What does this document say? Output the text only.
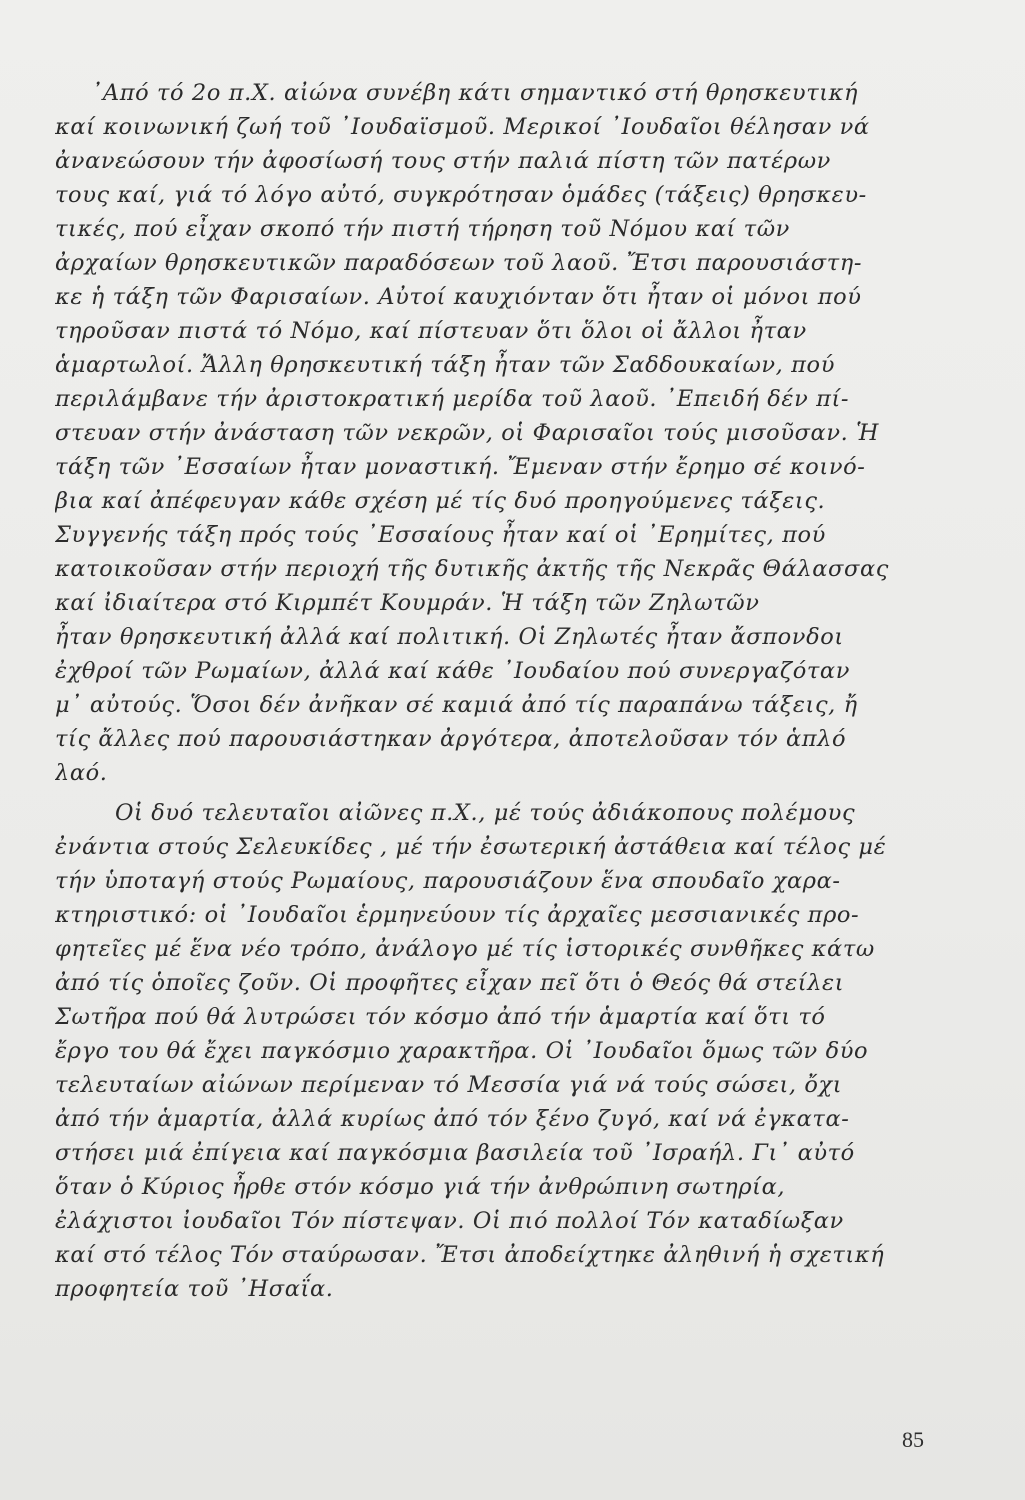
᾿Από τό 2ο π.Χ. αἰώνα συνέβη κάτι σημαντικό στή θρησκευτική
καί κοινωνική ζωή τοῦ ᾿Ιουδαϊσμοῦ. Μερικοί ᾿Ιουδαῖοι θέλησαν νά
ἀνανεώσουν τήν ἀφοσίωσή τους στήν παλιά πίστη τῶν πατέρων
τους καί, γιά τό λόγο αὐτό, συγκρότησαν ὁμάδες (τάξεις) θρησκευ-
τικές, πού εἶχαν σκοπό τήν πιστή τήρηση τοῦ Νόμου καί τῶν
ἀρχαίων θρησκευτικῶν παραδόσεων τοῦ λαοῦ. Ἔτσι παρουσιάστη-
κε ἡ τάξη τῶν Φαρισαίων. Αὐτοί καυχιόνταν ὅτι ἦταν οἱ μόνοι πού
τηροῦσαν πιστά τό Νόμο, καί πίστευαν ὅτι ὅλοι οἱ ἄλλοι ἦταν
ἁμαρτωλοί. Ἄλλη θρησκευτική τάξη ἦταν τῶν Σαδδουκαίων, πού
περιλάμβανε τήν ἀριστοκρατική μερίδα τοῦ λαοῦ. ᾿Επειδή δέν πί-
στευαν στήν ἀνάσταση τῶν νεκρῶν, οἱ Φαρισαῖοι τούς μισοῦσαν. Ἡ
τάξη τῶν ᾿Εσσαίων ἦταν μοναστική. Ἔμεναν στήν ἔρημο σέ κοινό-
βια καί ἀπέφευγαν κάθε σχέση μέ τίς δυό προηγούμενες τάξεις.
Συγγενής τάξη πρός τούς ᾿Εσσαίους ἦταν καί οἱ ᾿Ερημίτες, πού
κατοικοῦσαν στήν περιοχή τῆς δυτικῆς ἀκτῆς τῆς Νεκρᾶς Θάλασσας
καί ἰδιαίτερα στό Κιρμπέτ Κουμράν. Ἡ τάξη τῶν Ζηλωτῶν
ἦταν θρησκευτική ἀλλά καί πολιτική. Οἱ Ζηλωτές ἦταν ἄσπονδοι
ἐχθροί τῶν Ρωμαίων, ἀλλά καί κάθε ᾿Ιουδαίου πού συνεργαζόταν
μ᾿ αὐτούς. Ὅσοι δέν ἀνῆκαν σέ καμιά ἀπό τίς παραπάνω τάξεις, ἤ
τίς ἄλλες πού παρουσιάστηκαν ἀργότερα, ἀποτελοῦσαν τόν ἁπλό
λαό.
Οἱ δυό τελευταῖοι αἰῶνες π.Χ., μέ τούς ἀδιάκοπους πολέμους
ἐνάντια στούς Σελευκίδες , μέ τήν ἐσωτερική ἀστάθεια καί τέλος μέ
τήν ὑποταγή στούς Ρωμαίους, παρουσιάζουν ἕνα σπουδαῖο χαρα-
κτηριστικό: οἱ ᾿Ιουδαῖοι ἑρμηνεύουν τίς ἀρχαῖες μεσσιανικές προ-
φητεῖες μέ ἕνα νέο τρόπο, ἀνάλογο μέ τίς ἱστορικές συνθῆκες κάτω
ἀπό τίς ὁποῖες ζοῦν. Οἱ προφῆτες εἶχαν πεῖ ὅτι ὁ Θεός θά στείλει
Σωτῆρα πού θά λυτρώσει τόν κόσμο ἀπό τήν ἁμαρτία καί ὅτι τό
ἔργο του θά ἔχει παγκόσμιο χαρακτῆρα. Οἱ ᾿Ιουδαῖοι ὅμως τῶν δύο
τελευταίων αἰώνων περίμεναν τό Μεσσία γιά νά τούς σώσει, ὄχι
ἀπό τήν ἁμαρτία, ἀλλά κυρίως ἀπό τόν ξένο ζυγό, καί νά ἐγκατα-
στήσει μιά ἐπίγεια καί παγκόσμια βασιλεία τοῦ ᾿Ισραήλ. Γι᾿ αὐτό
ὅταν ὁ Κύριος ἦρθε στόν κόσμο γιά τήν ἀνθρώπινη σωτηρία,
ἐλάχιστοι ἰουδαῖοι Τόν πίστεψαν. Οἱ πιό πολλοί Τόν καταδίωξαν
καί στό τέλος Τόν σταύρωσαν. Ἔτσι ἀποδείχτηκε ἀληθινή ἡ σχετική
προφητεία τοῦ ᾿Ησαΐα.
85
